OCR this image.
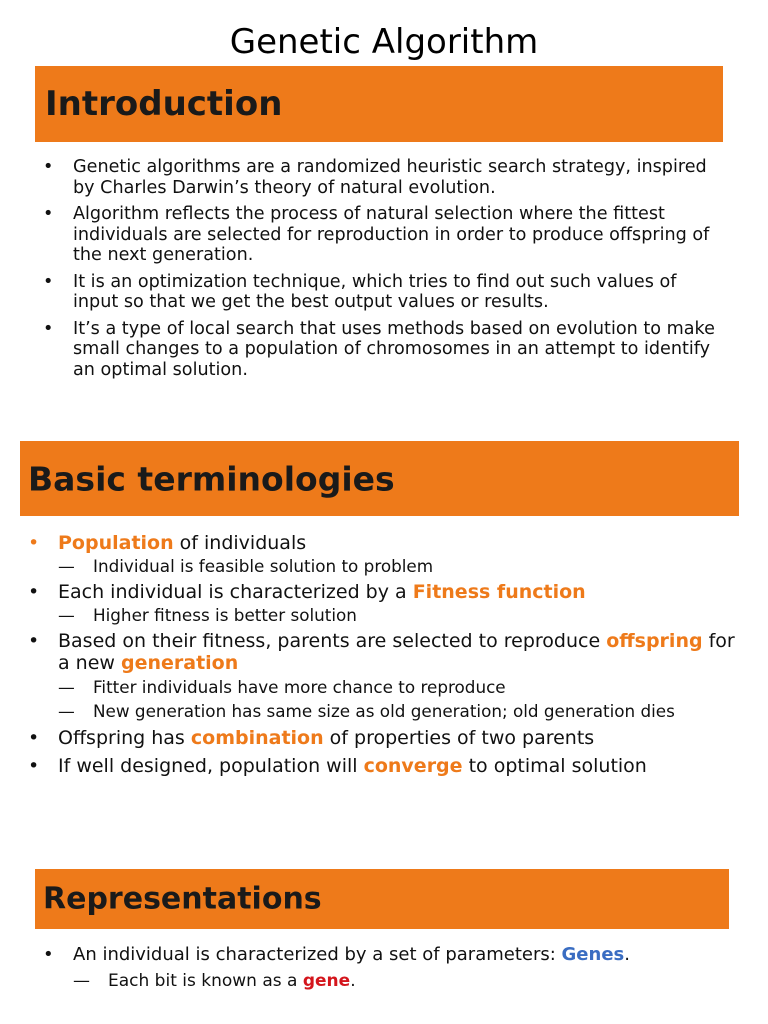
Genetic Algorithm
Introduction
• Genetic algorithms are a randomized heuristic search strategy, inspired by Charles Darwin’s theory of natural evolution.
• Algorithm reflects the process of natural selection where the fittest individuals are selected for reproduction in order to produce offspring of the next generation.
• It is an optimization technique, which tries to find out such values of input so that we get the best output values or results.
• It’s a type of local search that uses methods based on evolution to make small changes to a population of chromosomes in an attempt to identify an optimal solution.
Basic terminologies
• Population of individuals
— Individual is feasible solution to problem
• Each individual is characterized by a Fitness function
— Higher fitness is better solution
• Based on their fitness, parents are selected to reproduce offspring for a new generation
— Fitter individuals have more chance to reproduce
— New generation has same size as old generation; old generation dies
• Offspring has combination of properties of two parents
• If well designed, population will converge to optimal solution
Representations
• An individual is characterized by a set of parameters: Genes.
— Each bit is known as a gene.
